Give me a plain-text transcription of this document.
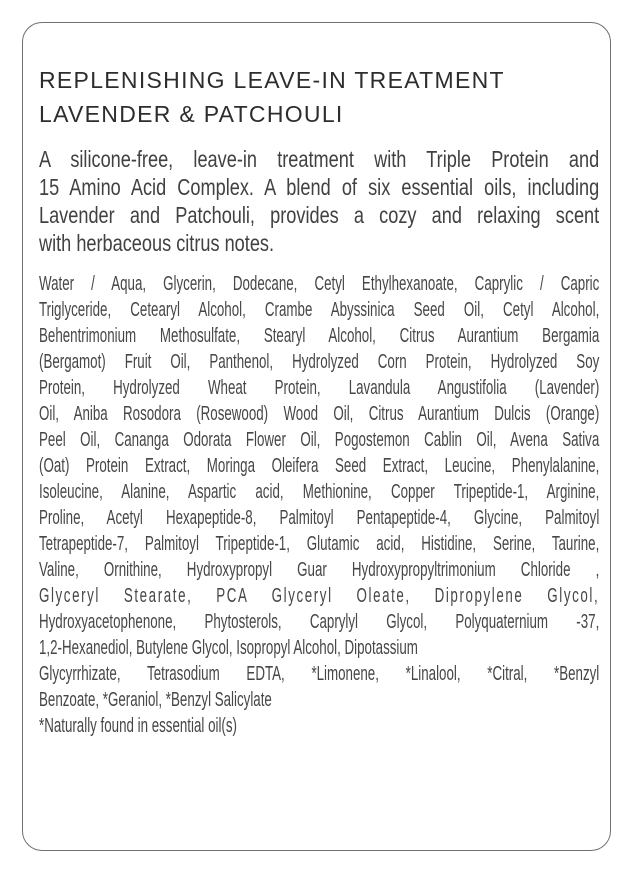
REPLENISHING LEAVE-IN TREATMENT
LAVENDER & PATCHOULI
A silicone-free, leave-in treatment with Triple Protein and
15 Amino Acid Complex. A blend of six essential oils, including
Lavender and Patchouli, provides a cozy and relaxing scent
with herbaceous citrus notes.
Water / Aqua, Glycerin, Dodecane, Cetyl Ethylhexanoate, Caprylic / Capric
Triglyceride, Cetearyl Alcohol, Crambe Abyssinica Seed Oil, Cetyl Alcohol,
Behentrimonium Methosulfate, Stearyl Alcohol, Citrus Aurantium Bergamia
(Bergamot) Fruit Oil, Panthenol, Hydrolyzed Corn Protein, Hydrolyzed Soy
Protein, Hydrolyzed Wheat Protein, Lavandula Angustifolia (Lavender)
Oil, Aniba Rosodora (Rosewood) Wood Oil, Citrus Aurantium Dulcis (Orange)
Peel Oil, Cananga Odorata Flower Oil, Pogostemon Cablin Oil, Avena Sativa
(Oat) Protein Extract, Moringa Oleifera Seed Extract, Leucine, Phenylalanine,
Isoleucine, Alanine, Aspartic acid, Methionine, Copper Tripeptide-1, Arginine,
Proline, Acetyl Hexapeptide-8, Palmitoyl Pentapeptide-4, Glycine, Palmitoyl
Tetrapeptide-7, Palmitoyl Tripeptide-1, Glutamic acid, Histidine, Serine, Taurine,
Valine, Ornithine, Hydroxypropyl Guar Hydroxypropyltrimonium Chloride ,
Glyceryl Stearate, PCA Glyceryl Oleate, Dipropylene Glycol,
Hydroxyacetophenone, Phytosterols, Caprylyl Glycol, Polyquaternium -37,
1,2-Hexanediol, Butylene Glycol, Isopropyl Alcohol, Dipotassium
Glycyrrhizate, Tetrasodium EDTA, *Limonene, *Linalool, *Citral, *Benzyl
Benzoate, *Geraniol, *Benzyl Salicylate
*Naturally found in essential oil(s)
